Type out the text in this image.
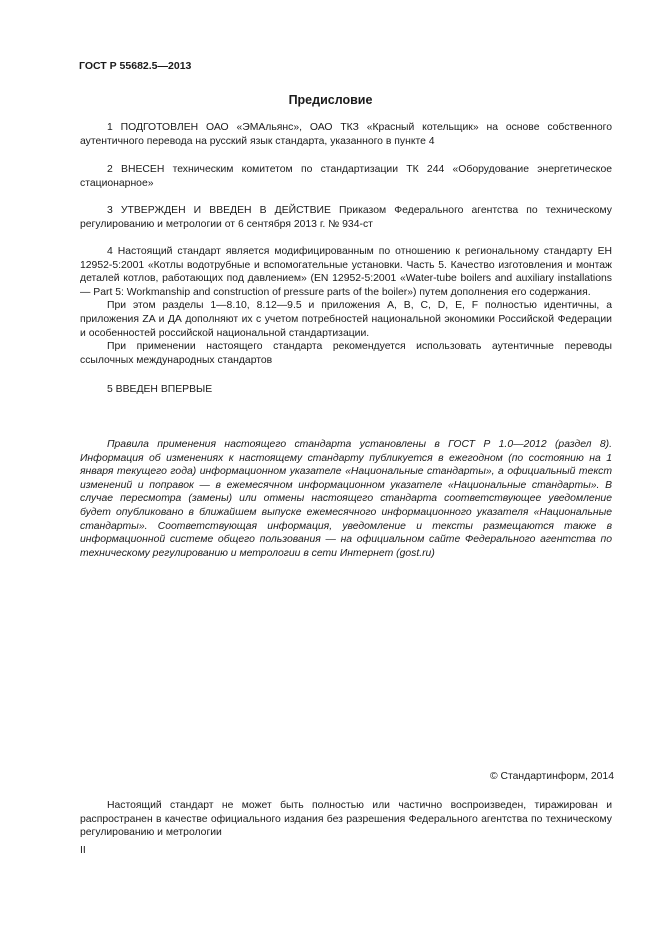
ГОСТ Р 55682.5—2013
Предисловие

1 ПОДГОТОВЛЕН ОАО «ЭМАльянс», ОАО ТКЗ «Красный котельщик» на основе собственного аутентичного перевода на русский язык стандарта, указанного в пункте 4

2 ВНЕСЕН техническим комитетом по стандартизации ТК 244 «Оборудование энергетическое стационарное»

3 УТВЕРЖДЕН И ВВЕДЕН В ДЕЙСТВИЕ Приказом Федерального агентства по техническому регулированию и метрологии от 6 сентября 2013 г. № 934-ст

4 Настоящий стандарт является модифицированным по отношению к региональному стандарту ЕН 12952-5:2001 «Котлы водотрубные и вспомогательные установки. Часть 5. Качество изготовления и монтаж деталей котлов, работающих под давлением» (EN 12952-5:2001 «Water-tube boilers and auxiliary installations — Part 5: Workmanship and construction of pressure parts of the boiler») путем дополнения его содержания.

При этом разделы 1—8.10, 8.12—9.5 и приложения А, В, С, D, Е, F полностью идентичны, а приложения ZA и ДА дополняют их с учетом потребностей национальной экономики Российской Федерации и особенностей российской национальной стандартизации.

При применении настоящего стандарта рекомендуется использовать аутентичные переводы ссылочных международных стандартов

5 ВВЕДЕН ВПЕРВЫЕ

Правила применения настоящего стандарта установлены в ГОСТ Р 1.0—2012 (раздел 8). Информация об изменениях к настоящему стандарту публикуется в ежегодном (по состоянию на 1 января текущего года) информационном указателе «Национальные стандарты», а официальный текст изменений и поправок — в ежемесячном информационном указателе «Национальные стандарты». В случае пересмотра (замены) или отмены настоящего стандарта соответствующее уведомление будет опубликовано в ближайшем выпуске ежемесячного информационного указателя «Национальные стандарты». Соответствующая информация, уведомление и тексты размещаются также в информационной системе общего пользования — на официальном сайте Федерального агентства по техническому регулированию и метрологии в сети Интернет (gost.ru)

© Стандартинформ, 2014

Настоящий стандарт не может быть полностью или частично воспроизведен, тиражирован и распространен в качестве официального издания без разрешения Федерального агентства по техническому регулированию и метрологии

II
